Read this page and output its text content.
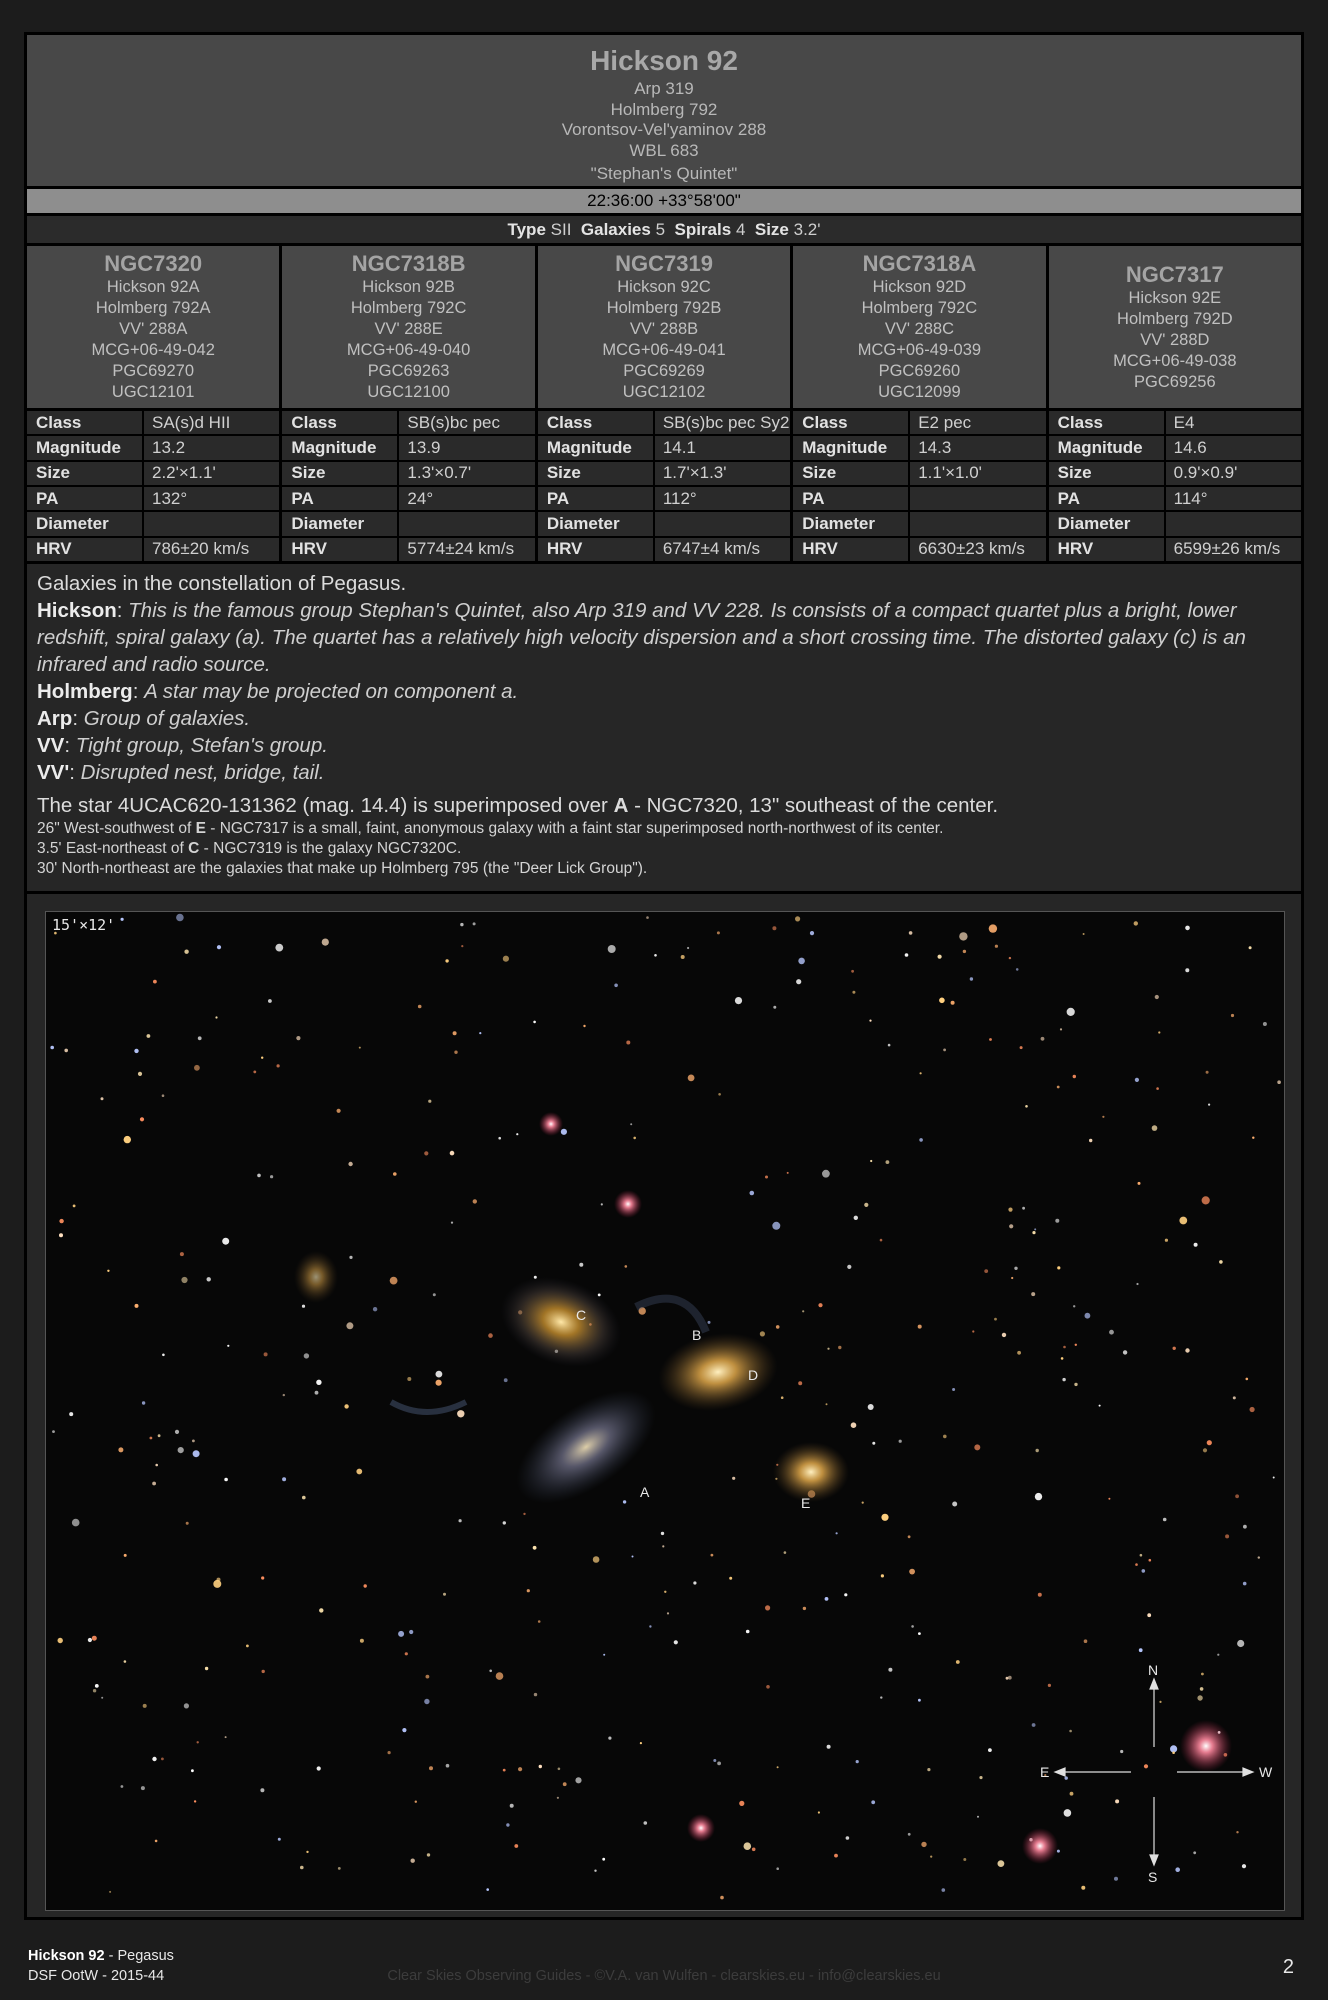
Hickson 92
Arp 319
Holmberg 792
Vorontsov-Vel'yaminov 288
WBL 683
"Stephan's Quintet"
22:36:00 +33°58'00"
Type SII Galaxies 5 Spirals 4 Size 3.2'
NGC7320
Hickson 92A
Holmberg 792A
VV' 288A
MCG+06-49-042
PGC69270
UGC12101
Class	SA(s)d HII
Magnitude	13.2
Size	2.2'×1.1'
PA	132°
Diameter
HRV	786±20 km/s
NGC7318B
Hickson 92B
Holmberg 792C
VV' 288E
MCG+06-49-040
PGC69263
UGC12100
Class	SB(s)bc pec
Magnitude	13.9
Size	1.3'×0.7'
PA	24°
Diameter
HRV	5774±24 km/s
NGC7319
Hickson 92C
Holmberg 792B
VV' 288B
MCG+06-49-041
PGC69269
UGC12102
Class	SB(s)bc pec Sy2
Magnitude	14.1
Size	1.7'×1.3'
PA	112°
Diameter
HRV	6747±4 km/s
NGC7318A
Hickson 92D
Holmberg 792C
VV' 288C
MCG+06-49-039
PGC69260
UGC12099
Class	E2 pec
Magnitude	14.3
Size	1.1'×1.0'
PA
Diameter
HRV	6630±23 km/s
NGC7317
Hickson 92E
Holmberg 792D
VV' 288D
MCG+06-49-038
PGC69256
Class	E4
Magnitude	14.6
Size	0.9'×0.9'
PA	114°
Diameter
HRV	6599±26 km/s
Galaxies in the constellation of Pegasus.
Hickson: This is the famous group Stephan's Quintet, also Arp 319 and VV 228. Is consists of a compact quartet plus a bright, lower redshift, spiral galaxy (a). The quartet has a relatively high velocity dispersion and a short crossing time. The distorted galaxy (c) is an infrared and radio source.
Holmberg: A star may be projected on component a.
Arp: Group of galaxies.
VV: Tight group, Stefan's group.
VV': Disrupted nest, bridge, tail.
The star 4UCAC620-131362 (mag. 14.4) is superimposed over A - NGC7320, 13" southeast of the center.
26" West-southwest of E - NGC7317 is a small, faint, anonymous galaxy with a faint star superimposed north-northwest of its center.
3.5' East-northeast of C - NGC7319 is the galaxy NGC7320C.
30' North-northeast are the galaxies that make up Holmberg 795 (the "Deer Lick Group").
A
B
C
D
E
N
S
E	W
15'×12'
Hickson 92 - Pegasus
DSF OotW - 2015-44	Clear Skies Observing Guides - ©V.A. van Wulfen - clearskies.eu - info@clearskies.eu	2
